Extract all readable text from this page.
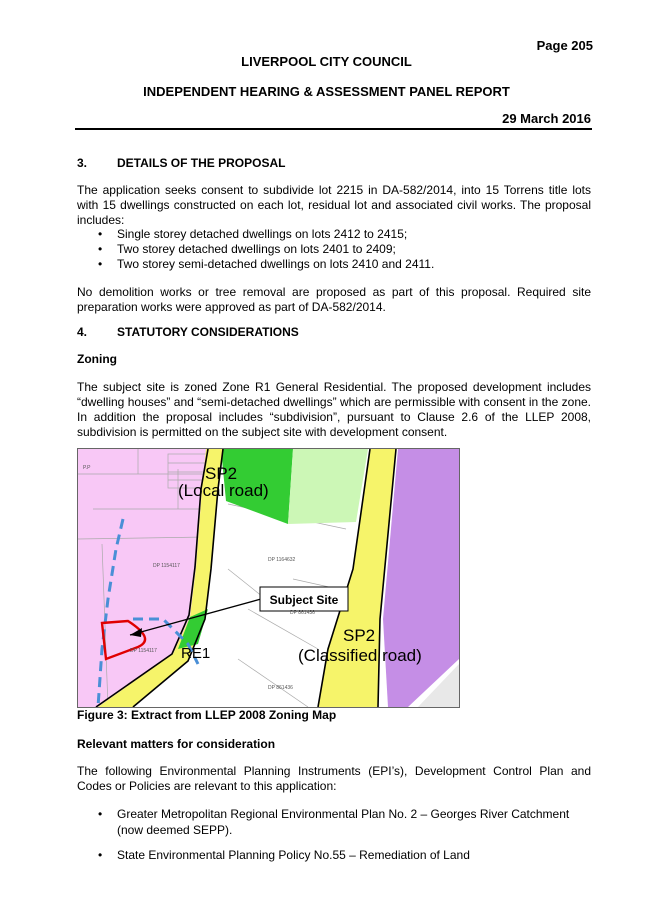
Page 205
LIVERPOOL CITY COUNCIL
INDEPENDENT HEARING & ASSESSMENT PANEL REPORT
29 March 2016
3. DETAILS OF THE PROPOSAL
The application seeks consent to subdivide lot 2215 in DA-582/2014, into 15 Torrens title lots with 15 dwellings constructed on each lot, residual lot and associated civil works. The proposal includes:
• Single storey detached dwellings on lots 2412 to 2415;
• Two storey detached dwellings on lots 2401 to 2409;
• Two storey semi-detached dwellings on lots 2410 and 2411.
No demolition works or tree removal are proposed as part of this proposal. Required site preparation works were approved as part of DA-582/2014.
4. STATUTORY CONSIDERATIONS
Zoning
The subject site is zoned Zone R1 General Residential. The proposed development includes “dwelling houses” and “semi-detached dwellings” which are permissible with consent in the zone. In addition the proposal includes “subdivision”, pursuant to Clause 2.6 of the LLEP 2008, subdivision is permitted on the subject site with development consent.
Subject Site
DP 1154117
DP 1164632
DP 861436
DP 861436
DP 1154117
P.P	SP2
(Local road)
RE1
SP2
(Classified road)
Figure 3: Extract from LLEP 2008 Zoning Map
Relevant matters for consideration
The following Environmental Planning Instruments (EPI’s), Development Control Plan and Codes or Policies are relevant to this application:
• Greater Metropolitan Regional Environmental Plan No. 2 – Georges River Catchment (now deemed SEPP).
• State Environmental Planning Policy No.55 – Remediation of Land
